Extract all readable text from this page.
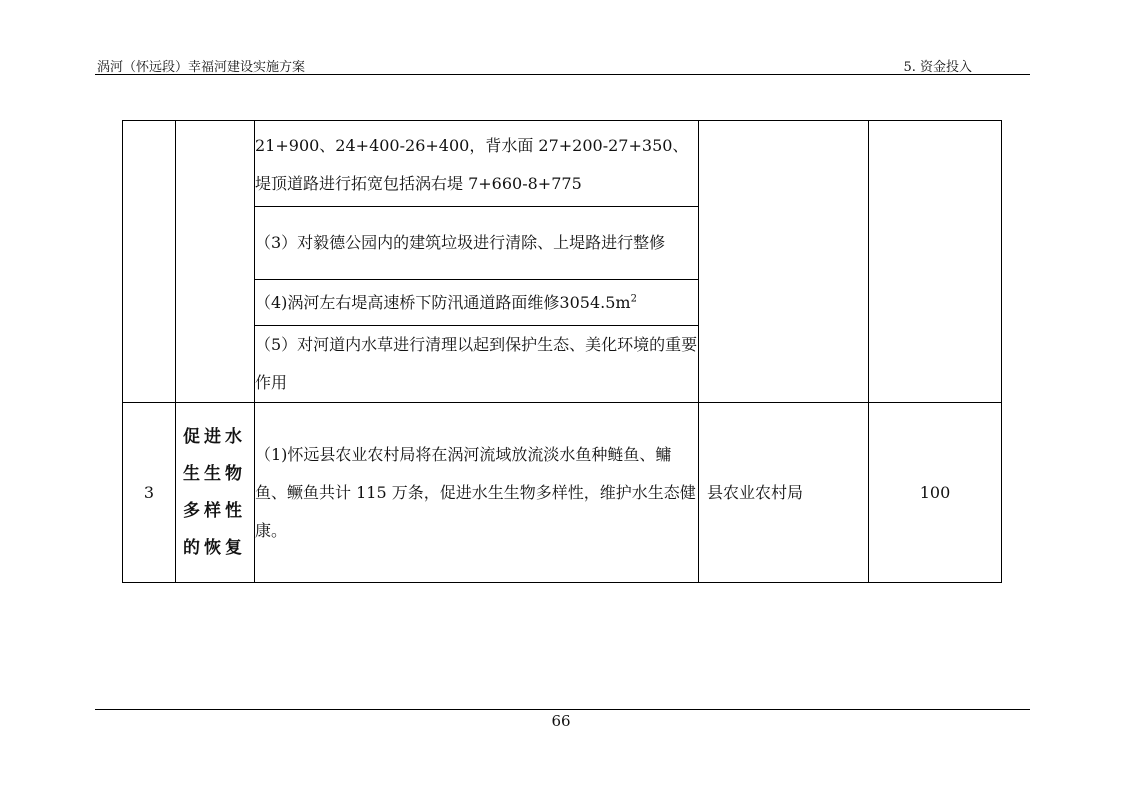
涡河（怀远段）幸福河建设实施方案	5. 资金投入
		21+900、24+400-26+400，背水面 27+200-27+350、堤顶道路进行拓宽包括涡右堤 7+660-8+775		
		（3）对毅德公园内的建筑垃圾进行清除、上堤路进行整修		
		（4)涡河左右堤高速桥下防汛通道路面维修$3054.5m^2$
		（5）对河道内水草进行清理以起到保护生态、美化环境的重要作用		
3	促进水生生物多样性的恢复	（1)怀远县农业农村局将在涡河流域放流淡水鱼种鲢鱼、鳙鱼、鳜鱼共计 115 万条，促进水生生物多样性，维护水生态健康。	县农业农村局	100
66
